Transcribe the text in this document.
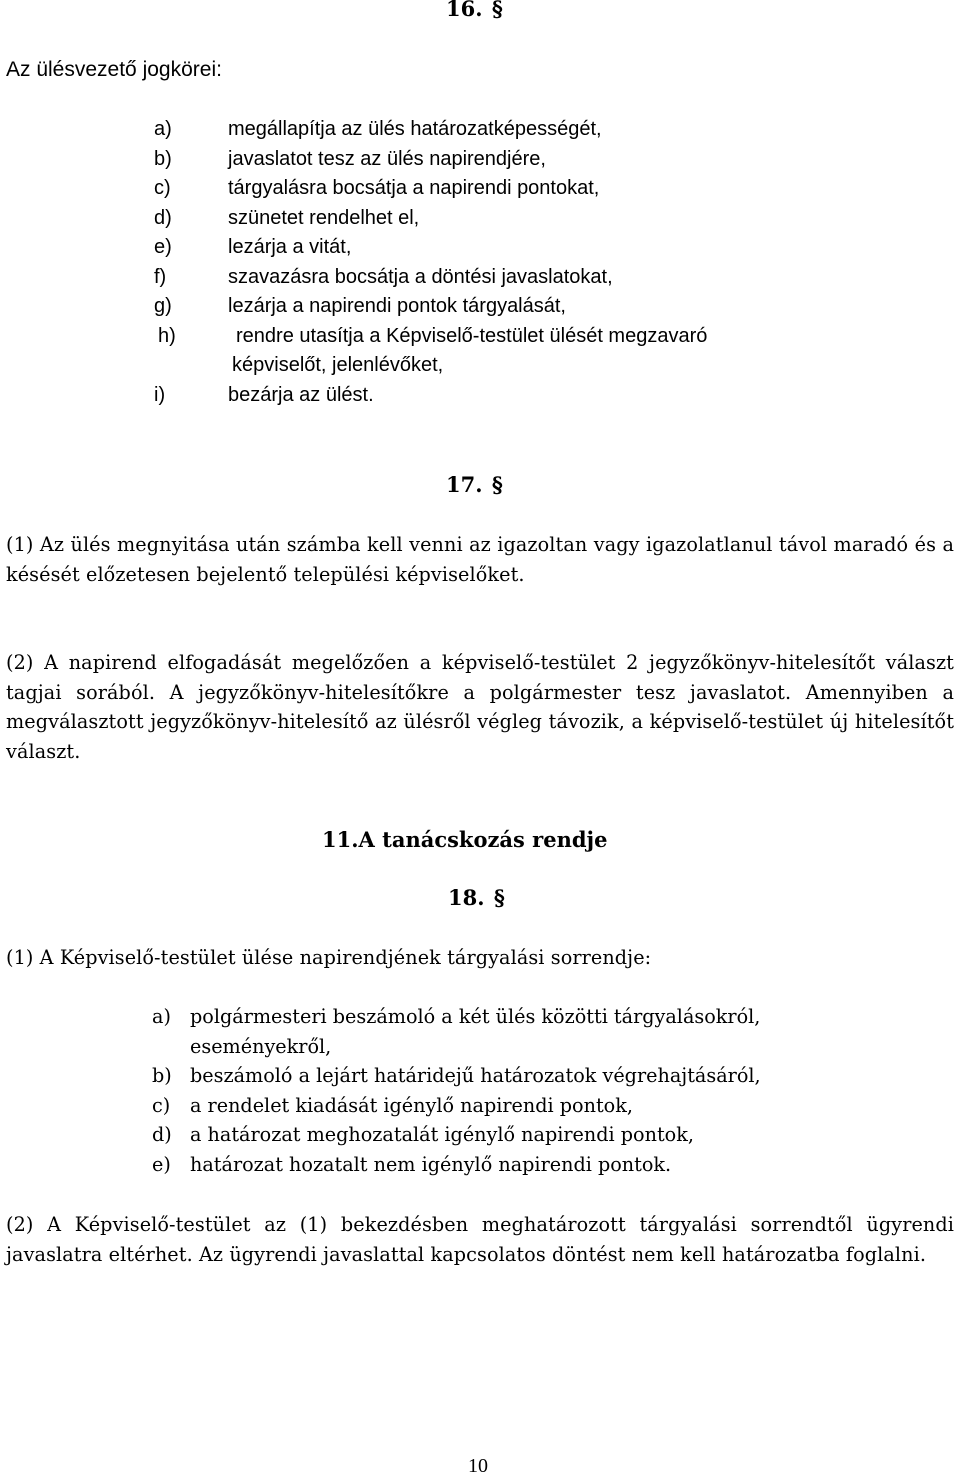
16. §
Az ülésvezető jogkörei:
a)	megállapítja az ülés határozatképességét,
b)	javaslatot tesz az ülés napirendjére,
c)	tárgyalásra bocsátja a napirendi pontokat,
d)	szünetet rendelhet el,
e)	lezárja a vitát,
f)	szavazásra bocsátja a döntési javaslatokat,
g)	lezárja a napirendi pontok tárgyalását,
h)	rendre utasítja a Képviselő-testület ülését megzavaró
képviselőt, jelenlévőket,
i)	bezárja az ülést.
17. §
(1) Az ülés megnyitása után számba kell venni az igazoltan vagy igazolatlanul távol maradó és a késését előzetesen bejelentő települési képviselőket.
(2) A napirend elfogadását megelőzően a képviselő-testület 2 jegyzőkönyv-hitelesítőt választ tagjai sorából. A jegyzőkönyv-hitelesítőkre a polgármester tesz javaslatot. Amennyiben a megválasztott jegyzőkönyv-hitelesítő az ülésről végleg távozik, a képviselő-testület új hitelesítőt választ.
11.A tanácskozás rendje
18. §
(1) A Képviselő-testület ülése napirendjének tárgyalási sorrendje:
a) polgármesteri beszámoló a két ülés közötti tárgyalásokról,
eseményekről,
b) beszámoló a lejárt határidejű határozatok végrehajtásáról,
c) a rendelet kiadását igénylő napirendi pontok,
d) a határozat meghozatalát igénylő napirendi pontok,
e) határozat hozatalt nem igénylő napirendi pontok.
(2) A Képviselő-testület az (1) bekezdésben meghatározott tárgyalási sorrendtől ügyrendi javaslatra eltérhet. Az ügyrendi javaslattal kapcsolatos döntést nem kell határozatba foglalni.
10
